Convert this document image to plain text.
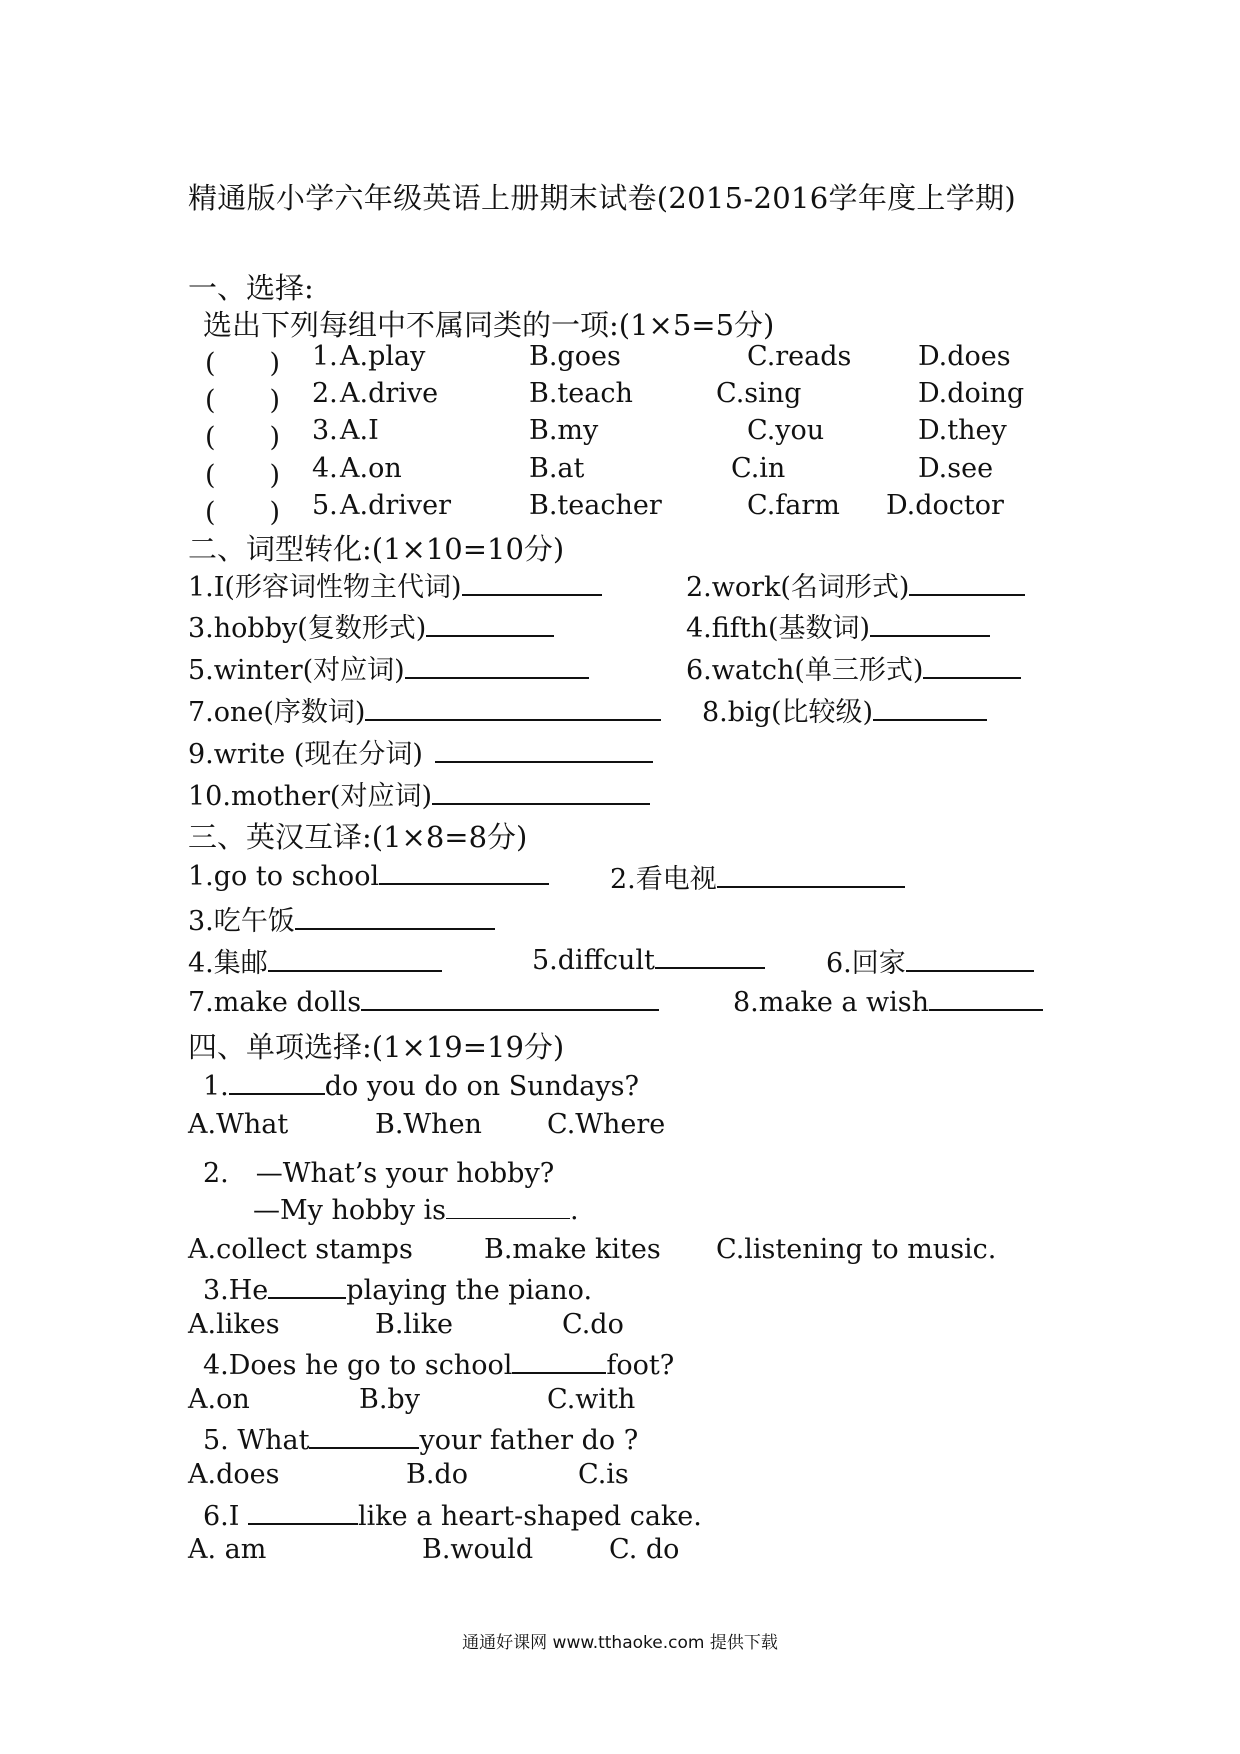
精通版小学六年级英语上册期末试卷(2015-2016学年度上学期)
一、选择:
选出下列每组中不属同类的一项:(1×5=5分)
(　　) 1. A.play	B.goes	C.reads D.does
(　　) 2. A.drive	B.teach	C.sing	D.doing
(　　) 3. A.I	B.my	C.you	D.they
(　　) 4. A.on	B.at	C.in	D.see
(　　) 5. A.driver	B.teacher	C.farm D.doctor
二、词型转化:(1×10=10分)
1.I(形容词性物主代词)	2.work(名词形式)
3.hobby(复数形式)	4.fifth(基数词)
5.winter(对应词)	6.watch(单三形式)
7.one(序数词)	8.big(比较级)
9.write (现在分词)
10.mother(对应词)
三、英汉互译:(1×8=8分)
1.go to school	2.看电视
3.吃午饭
4.集邮	5.diffcult	6.回家
7.make dolls	8.make a wish
四、单项选择:(1×19=19分)
1.	do you do on Sundays?
A.What	B.When C.Where
2.　—What’s your hobby?
—My hobby is	.
A.collect stamps	B.make kites C.listening to music.
3.He	playing the piano.
A.likes	B.like	C.do
4.Does he go to school	foot?
A.on	B.by	C.with
5. What	your father do ?
A.does	B.do	C.is
6.I	like a heart-shaped cake.
A. am	B.would	C. do
通通好课网 www.tthaoke.com 提供下载
